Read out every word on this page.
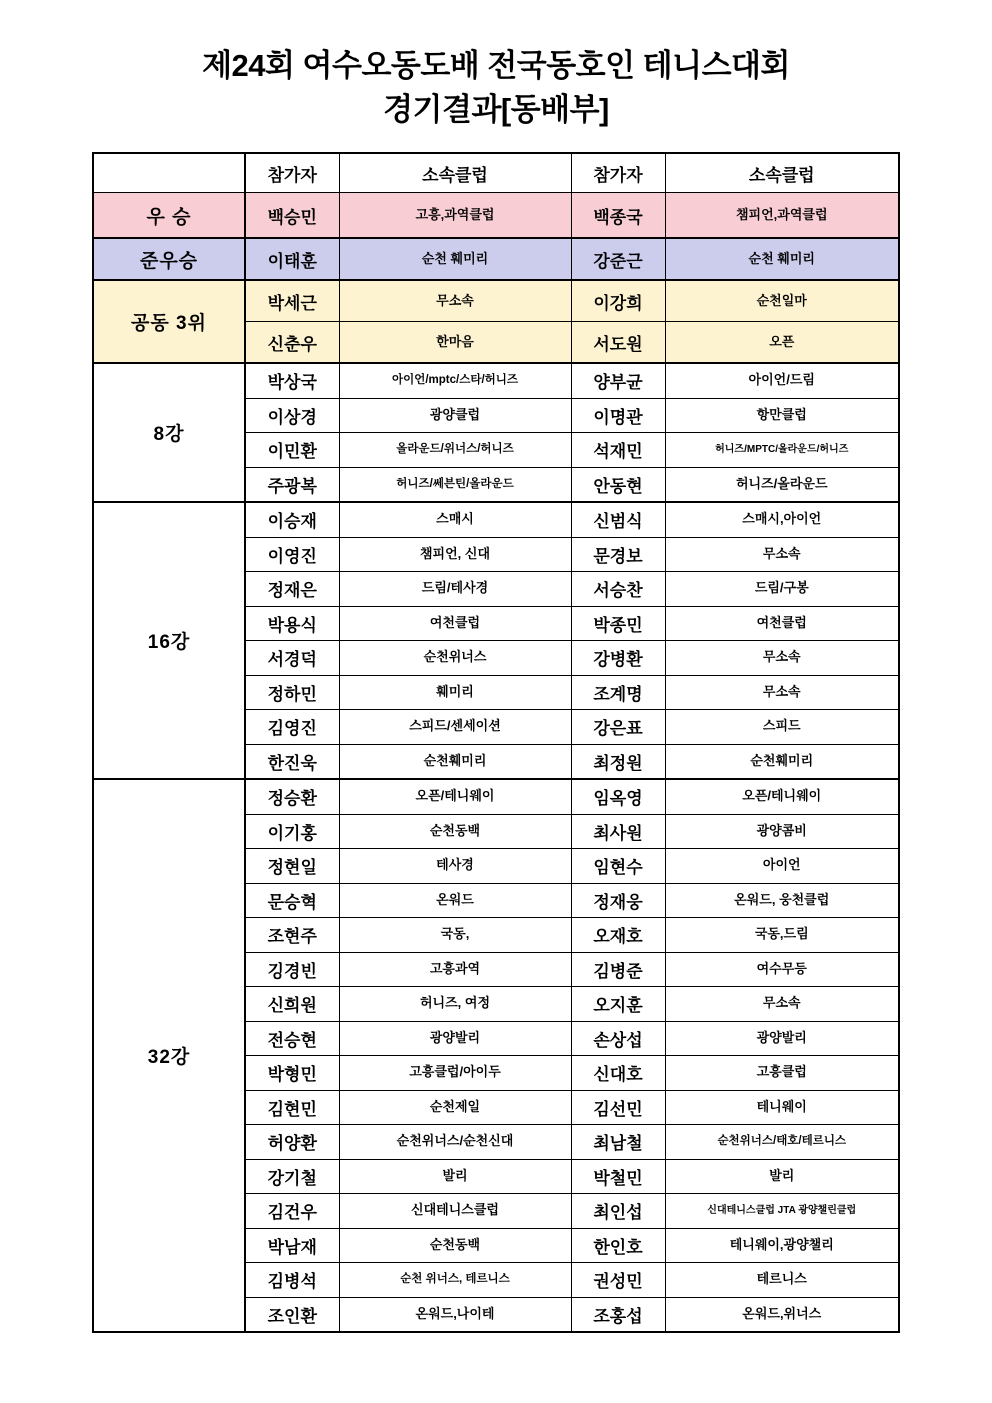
제24회 여수오동도배 전국동호인 테니스대회
경기결과[동배부]
	참가자	소속클럽	참가자	소속클럽
우 승	백승민	고흥,과역클럽	백종국	챔피언,과역클럽
준우승	이태훈	순천 훼미리	강준근	순천 훼미리
공동 3위	박세근	무소속	이강희	순천일마
	신춘우	한마음	서도원	오픈
8강	박상국	아이언/mptc/스타/허니즈	양부균	아이언/드림
	이상경	광양클럽	이명관	항만클럽
	이민환	올라운드/위너스/허니즈	석재민	허니즈/MPTC/올라운드/허니즈
	주광복	허니즈/쎄븐틴/올라운드	안동현	허니즈/올라운드
16강	이승재	스매시	신범식	스매시,아이언
	이영진	챔피언, 신대	문경보	무소속
	정재은	드림/테사경	서승찬	드림/구봉
	박용식	여천클럽	박종민	여천클럽
	서경덕	순천위너스	강병환	무소속
	정하민	훼미리	조계명	무소속
	김영진	스피드/센세이션	강은표	스피드
	한진욱	순천훼미리	최정원	순천훼미리
32강	정승환	오픈/테니웨이	임옥영	오픈/테니웨이
	이기홍	순천동백	최사원	광양콤비
	정현일	테사경	임현수	아이언
	문승혁	온워드	정재웅	온워드, 웅천클럽
	조현주	국동,	오재호	국동,드림
	깅경빈	고흥과역	김병준	여수무등
	신희원	허니즈, 여정	오지훈	무소속
	전승현	광양발리	손상섭	광양발리
	박형민	고흥클럽/아이두	신대호	고흥클럽
	김현민	순천제일	김선민	테니웨이
	허양환	순천위너스/순천신대	최남철	순천위너스/태호/테르니스
	강기철	발리	박철민	발리
	김건우	신대테니스클럽	최인섭	신대테니스클럽 JTA 광양챌린클럽
	박남재	순천동백	한인호	테니웨이,광양챌리
	김병석	순천 위너스, 테르니스	권성민	테르니스
	조인환	온워드,나이테	조홍섭	온워드,위너스
